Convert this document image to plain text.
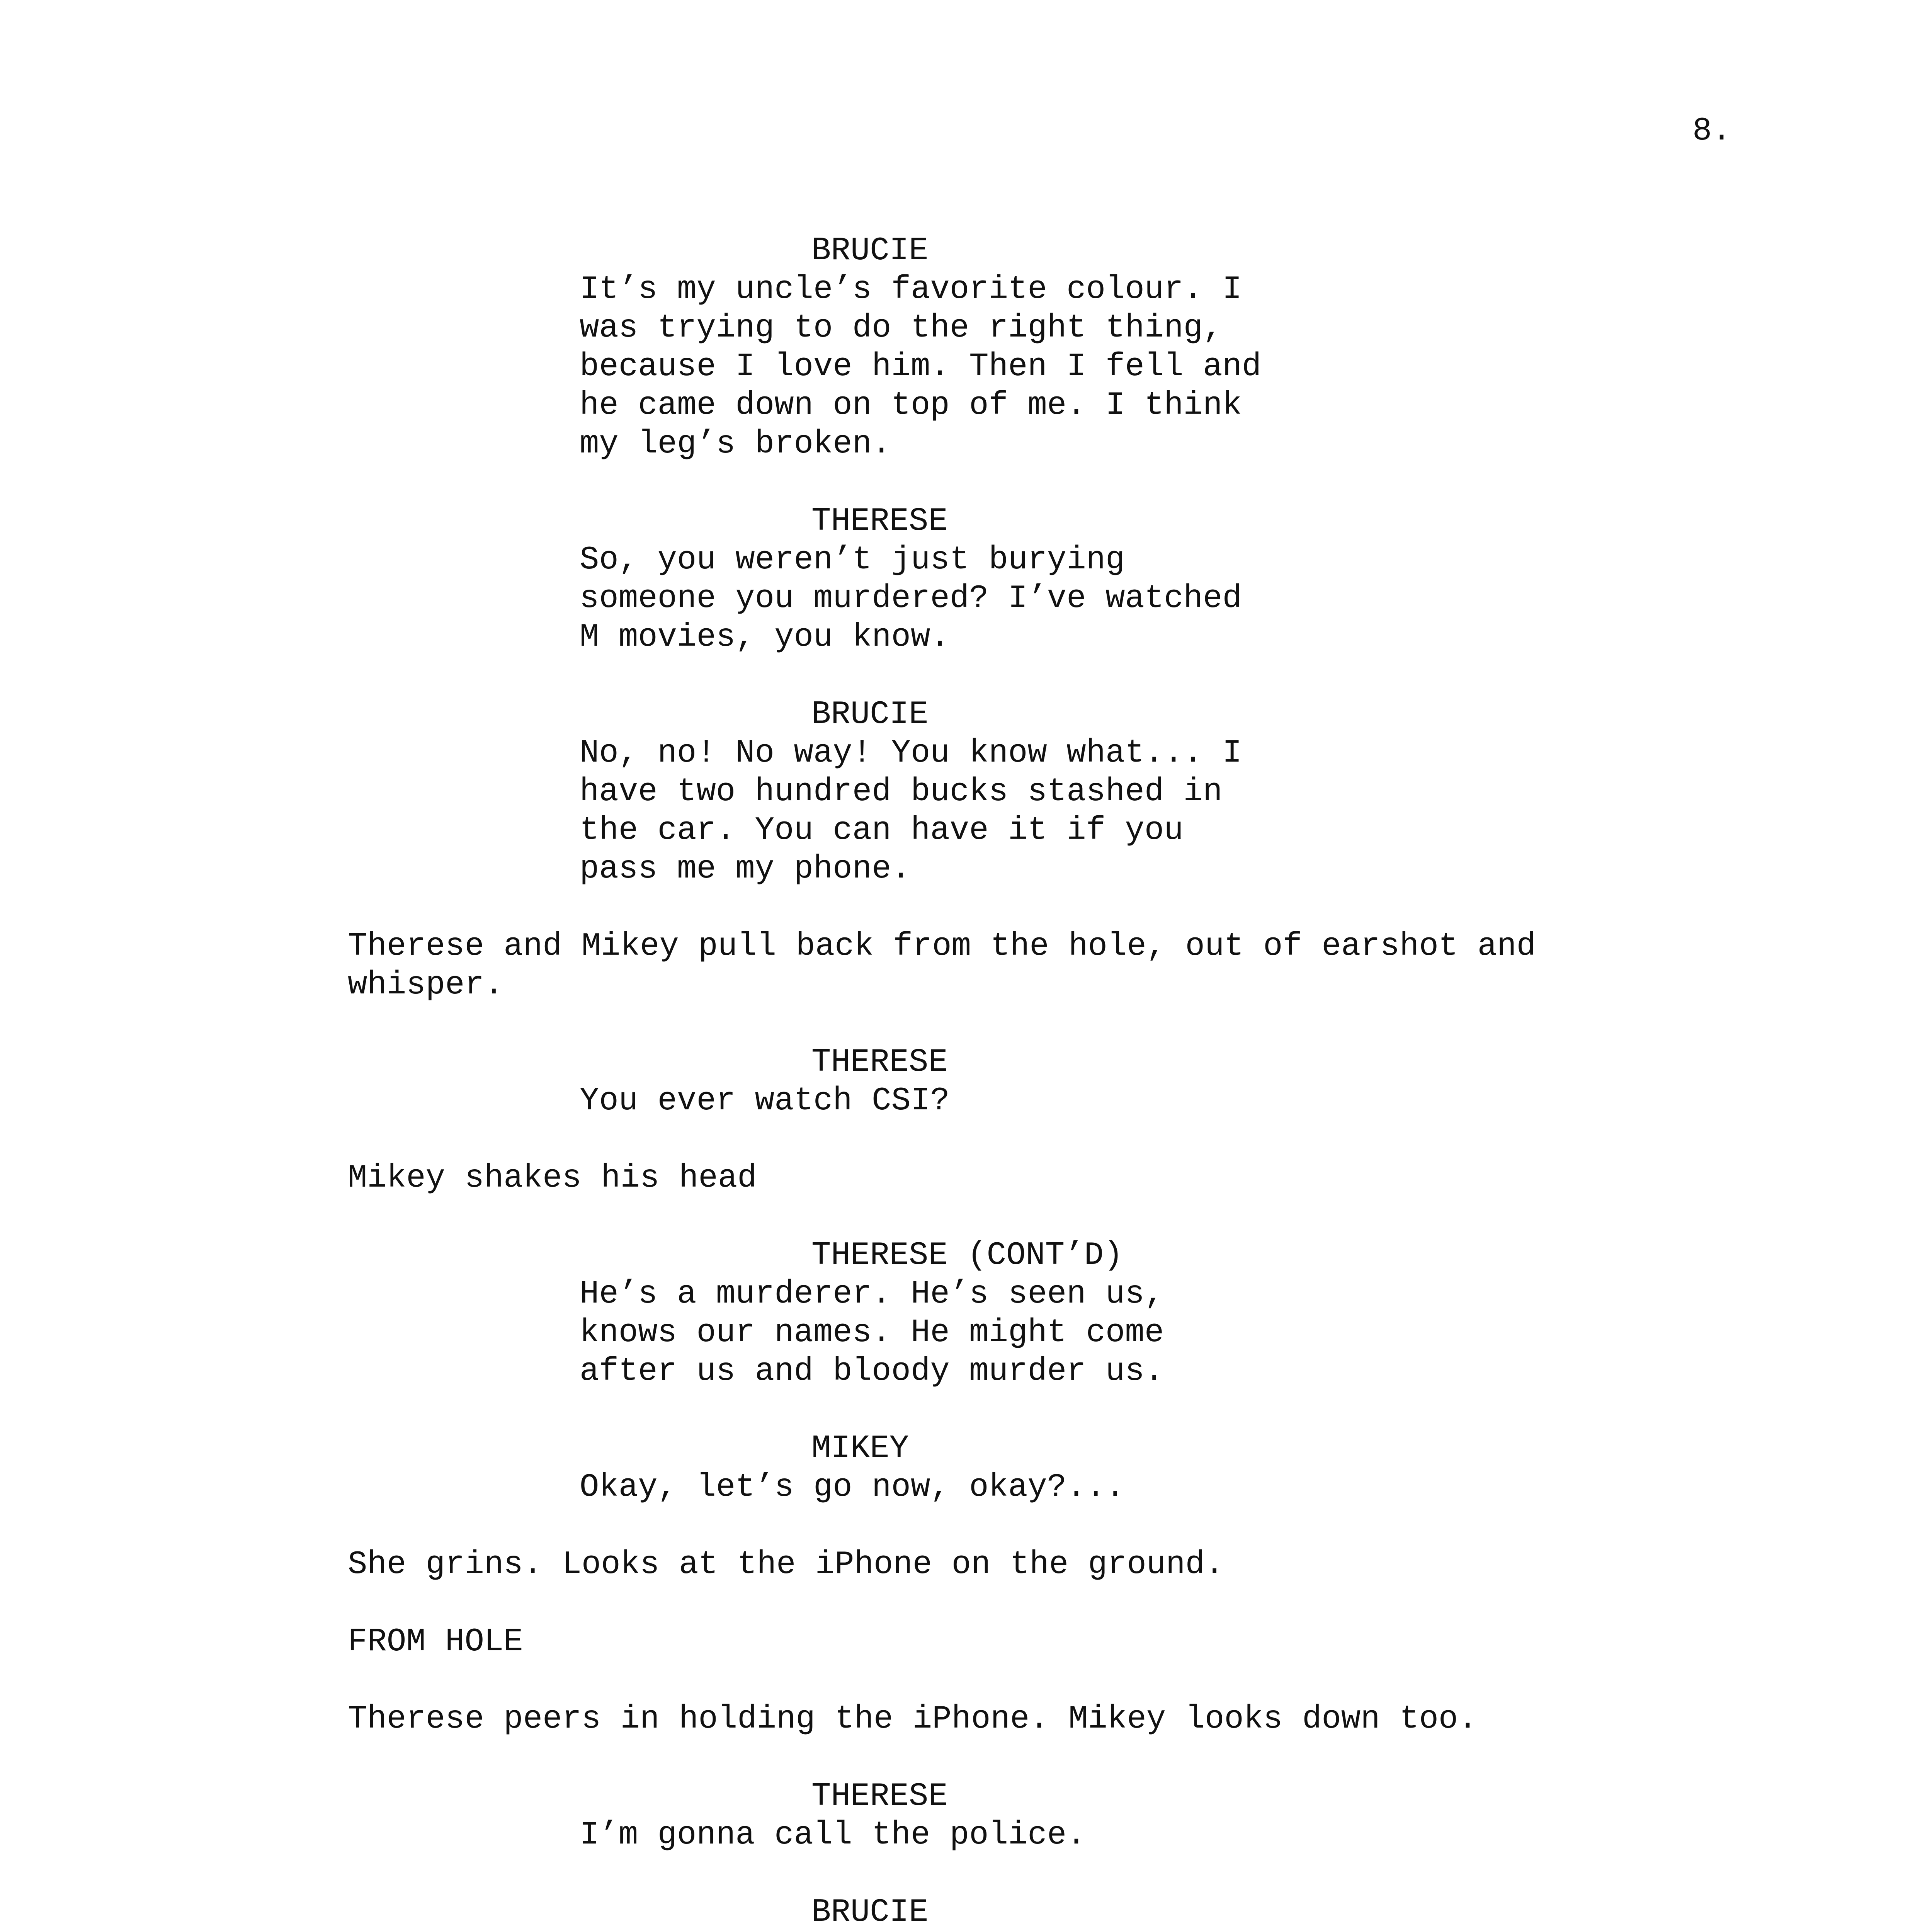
8.

BRUCIE

It’s my uncle’s favorite colour. I
was trying to do the right thing,
because I love him. Then I fell and
he came down on top of me. I think
my leg’s broken.

THERESE

So, you weren’t just burying
someone you murdered? I’ve watched
M movies, you know.

BRUCIE

No, no! No way! You know what... I
have two hundred bucks stashed in
the car. You can have it if you
pass me my phone.

Therese and Mikey pull back from the hole, out of earshot and
whisper.

THERESE

You ever watch CSI?

Mikey shakes his head

THERESE (CONT’D)

He’s a murderer. He’s seen us,
knows our names. He might come
after us and bloody murder us.

MIKEY

Okay, let’s go now, okay?...

She grins. Looks at the iPhone on the ground.

FROM HOLE

Therese peers in holding the iPhone. Mikey looks down too.

THERESE

I’m gonna call the police.

BRUCIE
